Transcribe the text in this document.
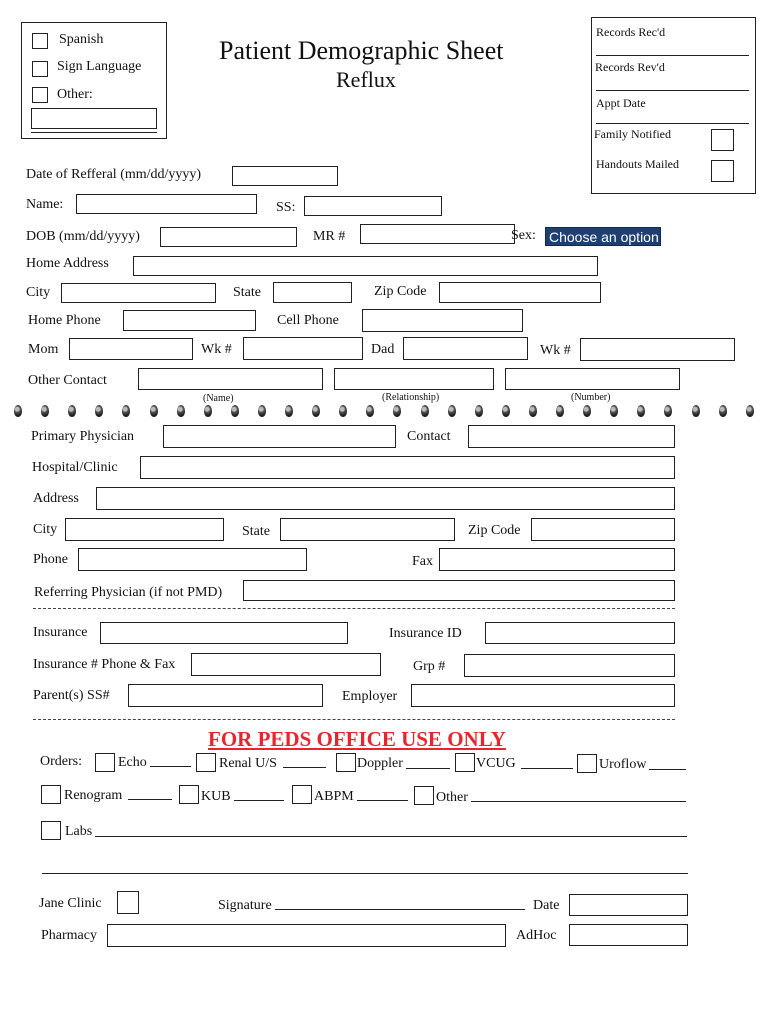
Spanish
Sign Language
Other:
Patient Demographic Sheet
Reflux
Records Rec'd
Records Rev'd
Appt Date
Family Notified
Handouts Mailed
Date of Refferal (mm/dd/yyyy)
Name:	SS:
DOB (mm/dd/yyyy)	MR #	Sex: Choose an option
Home Address
City	State	Zip Code
Home Phone	Cell Phone
Mom	Wk #	Dad	Wk #
Other Contact
(Name)	(Relationship)	(Number)
Primary Physician	Contact
Hospital/Clinic
Address
City	State	Zip Code
Phone	Fax
Referring Physician (if not PMD)
Insurance	Insurance ID
Insurance # Phone & Fax	Grp #
Parent(s) SS#	Employer
FOR PEDS OFFICE USE ONLY
Orders:	Echo	Renal U/S	Doppler	VCUG	Uroflow
Renogram	KUB	ABPM	Other
Labs
Jane Clinic	Signature	Date
Pharmacy	AdHoc
